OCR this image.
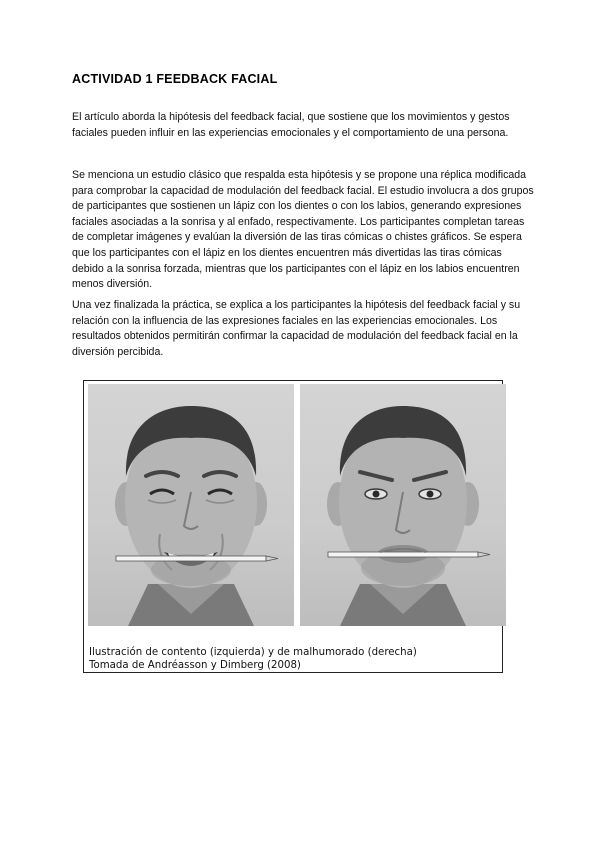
ACTIVIDAD 1 FEEDBACK FACIAL

El artículo aborda la hipótesis del feedback facial, que sostiene que los movimientos y gestos faciales pueden influir en las experiencias emocionales y el comportamiento de una persona.

Se menciona un estudio clásico que respalda esta hipótesis y se propone una réplica modificada para comprobar la capacidad de modulación del feedback facial. El estudio involucra a dos grupos de participantes que sostienen un lápiz con los dientes o con los labios, generando expresiones faciales asociadas a la sonrisa y al enfado, respectivamente. Los participantes completan tareas de completar imágenes y evalúan la diversión de las tiras cómicas o chistes gráficos. Se espera que los participantes con el lápiz en los dientes encuentren más divertidas las tiras cómicas debido a la sonrisa forzada, mientras que los participantes con el lápiz en los labios encuentren menos diversión.

Una vez finalizada la práctica, se explica a los participantes la hipótesis del feedback facial y su relación con la influencia de las expresiones faciales en las experiencias emocionales. Los resultados obtenidos permitirán confirmar la capacidad de modulación del feedback facial en la diversión percibida.

Ilustración de contento (izquierda) y de malhumorado (derecha)
Tomada de Andréasson y Dimberg (2008)
